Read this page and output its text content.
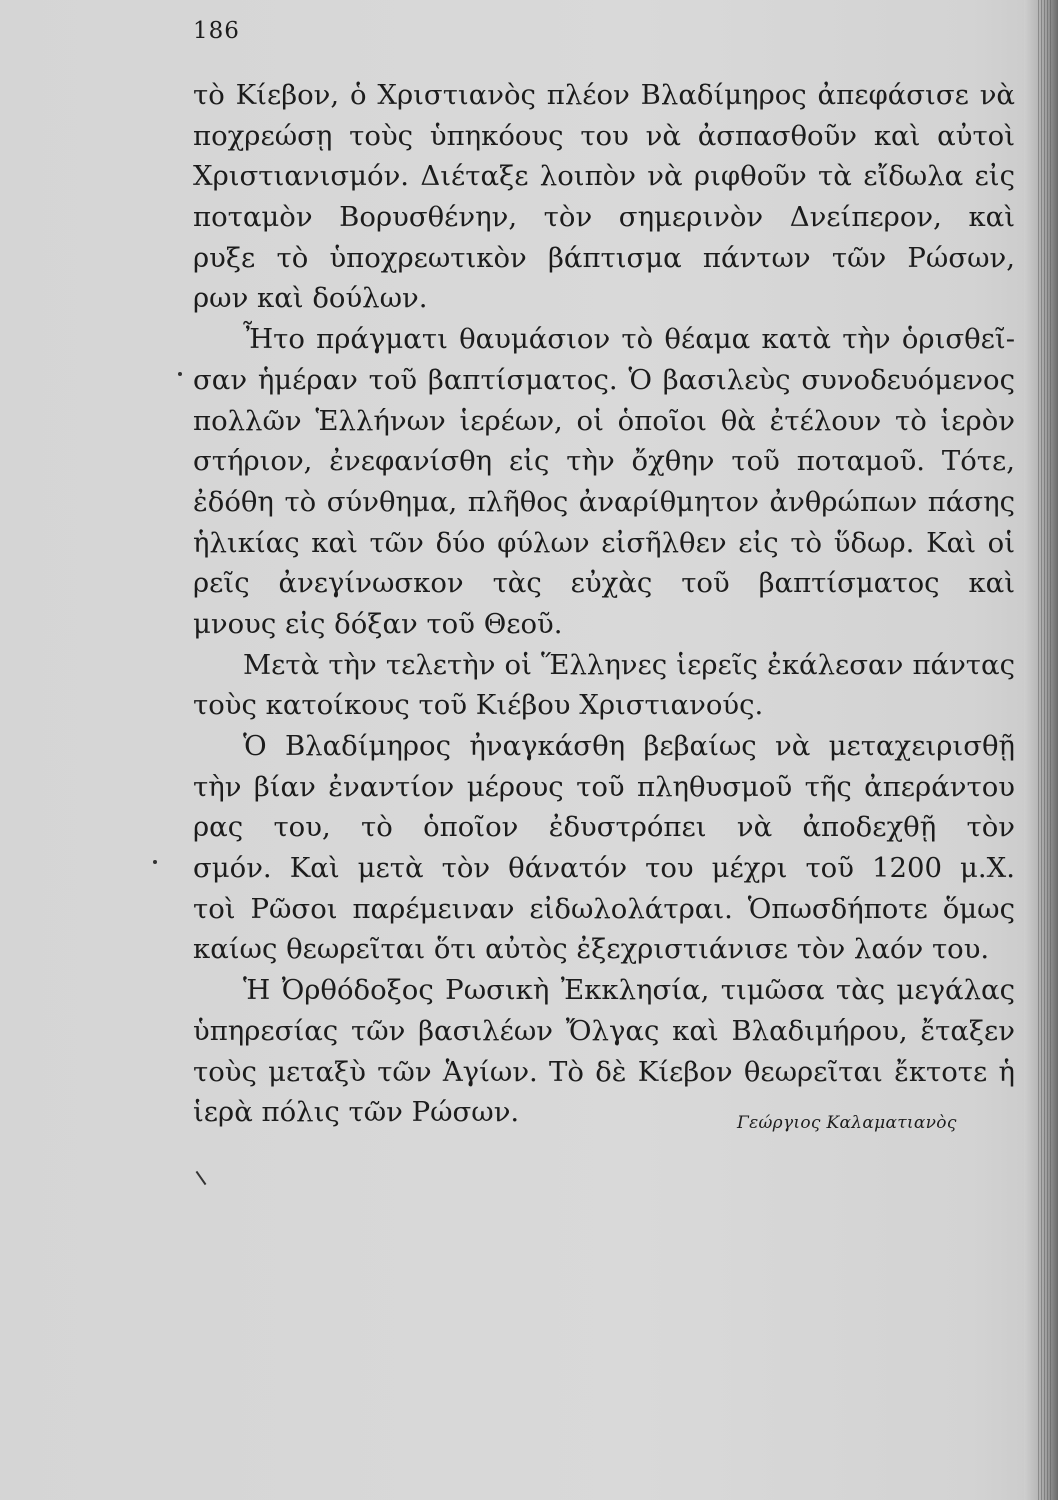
186
τὸ Κίεβον, ὁ Χριστιανὸς πλέον Βλαδίμηρος ἀπεφάσισε νὰ
ποχρεώσῃ τοὺς ὑπηκόους του νὰ ἀσπασθοῦν καὶ αὐτοὶ
Χριστιανισμόν. Διέταξε λοιπὸν νὰ ριφθοῦν τὰ εἴδωλα εἰς
ποταμὸν Βορυσθένην, τὸν σημερινὸν Δνείπερον, καὶ
ρυξε τὸ ὑποχρεωτικὸν βάπτισμα πάντων τῶν Ρώσων,
ρων καὶ δούλων.
Ἦτο πράγματι θαυμάσιον τὸ θέαμα κατὰ τὴν ὁρισθεῖ-
σαν ἡμέραν τοῦ βαπτίσματος. Ὁ βασιλεὺς συνοδευόμενος
πολλῶν Ἑλλήνων ἱερέων, οἱ ὁποῖοι θὰ ἐτέλουν τὸ ἱερὸν
στήριον, ἐνεφανίσθη εἰς τὴν ὄχθην τοῦ ποταμοῦ. Τότε,
ἐδόθη τὸ σύνθημα, πλῆθος ἀναρίθμητον ἀνθρώπων πάσης
ἡλικίας καὶ τῶν δύο φύλων εἰσῆλθεν εἰς τὸ ὕδωρ. Καὶ οἱ
ρεῖς ἀνεγίνωσκον τὰς εὐχὰς τοῦ βαπτίσματος καὶ
μνους εἰς δόξαν τοῦ Θεοῦ.
Μετὰ τὴν τελετὴν οἱ Ἕλληνες ἱερεῖς ἐκάλεσαν πάντας
τοὺς κατοίκους τοῦ Κιέβου Χριστιανούς.
Ὁ Βλαδίμηρος ἠναγκάσθη βεβαίως νὰ μεταχειρισθῇ
τὴν βίαν ἐναντίον μέρους τοῦ πληθυσμοῦ τῆς ἀπεράντου
ρας του, τὸ ὁποῖον ἐδυστρόπει νὰ ἀποδεχθῇ τὸν
σμόν. Καὶ μετὰ τὸν θάνατόν του μέχρι τοῦ 1200 μ.Χ.
τοὶ Ρῶσοι παρέμειναν εἰδωλολάτραι. Ὁπωσδήποτε ὅμως
καίως θεωρεῖται ὅτι αὐτὸς ἐξεχριστιάνισε τὸν λαόν του.
Ἡ Ὀρθόδοξος Ρωσικὴ Ἐκκλησία, τιμῶσα τὰς μεγάλας
ὑπηρεσίας τῶν βασιλέων Ὄλγας καὶ Βλαδιμήρου, ἔταξεν
τοὺς μεταξὺ τῶν Ἁγίων. Τὸ δὲ Κίεβον θεωρεῖται ἔκτοτε ἡ
ἱερὰ πόλις τῶν Ρώσων.	Γεώργιος Καλαματιανὸς
